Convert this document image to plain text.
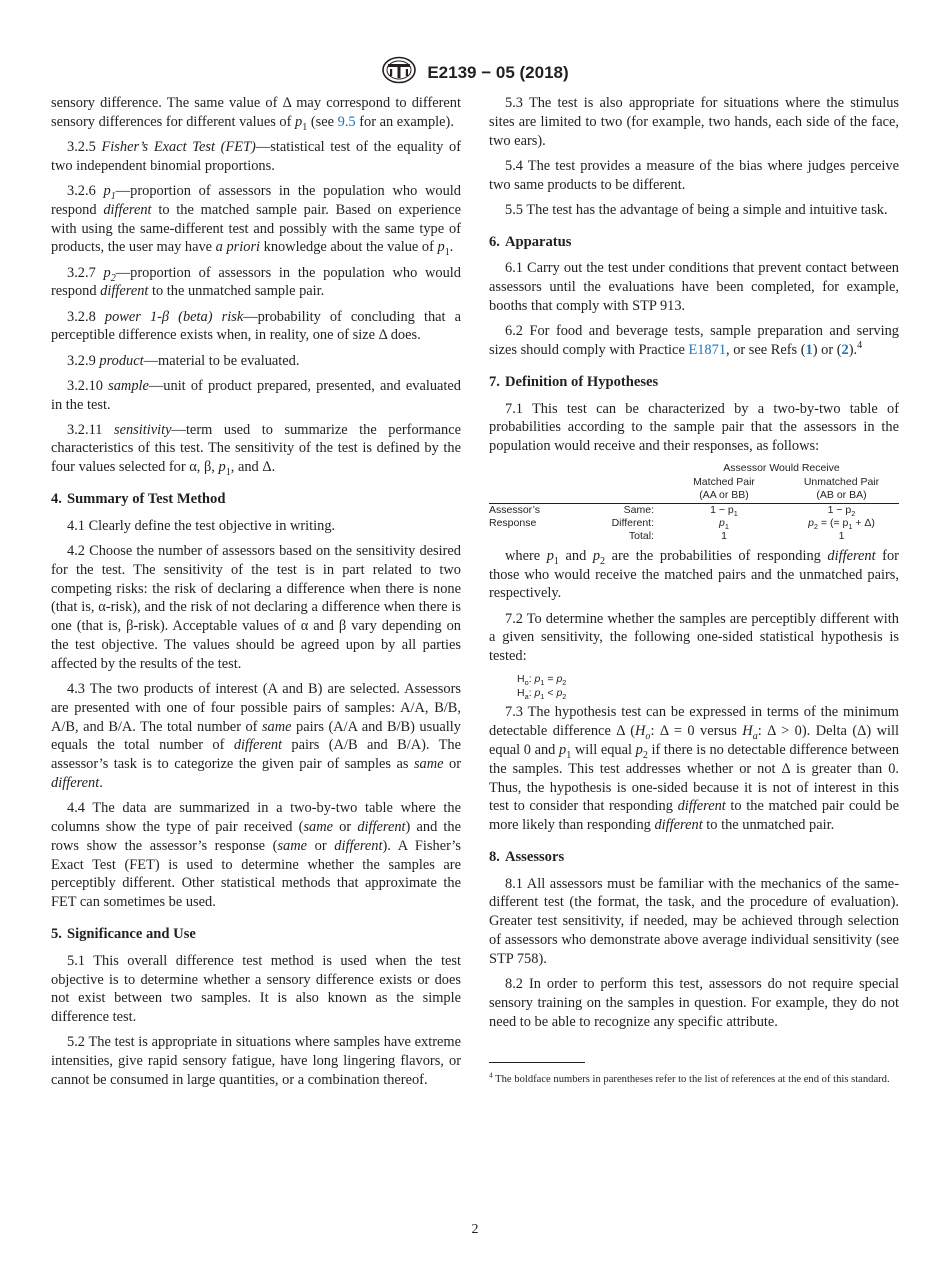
E2139 − 05 (2018)

sensory difference. The same value of Δ may correspond to different sensory differences for different values of $p_1$ (see 9.5 for an example).

3.2.5 Fisher’s Exact Test (FET)—statistical test of the equality of two independent binomial proportions.

3.2.6 $p_1—proportion$ of assessors in the population who would respond different to the matched sample pair. Based on experience with using the same-different test and possibly with the same type of products, the user may have a priori knowledge about the value of $p_1$.

3.2.7 $p_2—proportion$ of assessors in the population who would respond different to the unmatched sample pair.

3.2.8 power 1-β (beta) risk—probability of concluding that a perceptible difference exists when, in reality, one of size Δ does.

3.2.9 product—material to be evaluated.

3.2.10 sample—unit of product prepared, presented, and evaluated in the test.

3.2.11 sensitivity—term used to summarize the performance characteristics of this test. The sensitivity of the test is defined by the four values selected for α, β, $p_1$, and Δ.

4. Summary of Test Method

4.1 Clearly define the test objective in writing.

4.2 Choose the number of assessors based on the sensitivity desired for the test. The sensitivity of the test is in part related to two competing risks: the risk of declaring a difference when there is none (that is, α-risk), and the risk of not declaring a difference when there is one (that is, β-risk). Acceptable values of α and β vary depending on the test objective. The values should be agreed upon by all parties affected by the results of the test.

4.3 The two products of interest (A and B) are selected. Assessors are presented with one of four possible pairs of samples: A/A, B/B, A/B, and B/A. The total number of same pairs (A/A and B/B) usually equals the total number of different pairs (A/B and B/A). The assessor’s task is to categorize the given pair of samples as same or different.

4.4 The data are summarized in a two-by-two table where the columns show the type of pair received (same or different) and the rows show the assessor’s response (same or different). A Fisher’s Exact Test (FET) is used to determine whether the samples are perceptibly different. Other statistical methods that approximate the FET can sometimes be used.

5. Significance and Use

5.1 This overall difference test method is used when the test objective is to determine whether a sensory difference exists or does not exist between two samples. It is also known as the simple difference test.

5.2 The test is appropriate in situations where samples have extreme intensities, give rapid sensory fatigue, have long lingering flavors, or cannot be consumed in large quantities, or a combination thereof.

5.3 The test is also appropriate for situations where the stimulus sites are limited to two (for example, two hands, each side of the face, two ears).

5.4 The test provides a measure of the bias where judges perceive two same products to be different.

5.5 The test has the advantage of being a simple and intuitive task.

6. Apparatus

6.1 Carry out the test under conditions that prevent contact between assessors until the evaluations have been completed, for example, booths that comply with STP 913.

6.2 For food and beverage tests, sample preparation and serving sizes should comply with Practice E1871, or see Refs (1) or (2).$^4$

7. Definition of Hypotheses

7.1 This test can be characterized by a two-by-two table of probabilities according to the sample pair that the assessors in the population would receive and their responses, as follows:

		Assessor Would Receive	
		Matched Pair	Unmatched Pair
		(AA or BB)	(AB or BA)
Assessor’s	Same:	$1 - p_1$	$1 - p_2$
Response	Different:	$p_1$	$p_2$ = (= $p_1 + \Delta$)
	Total:	1	1

where $p_1$ and $p_2$ are the probabilities of responding different for those who would receive the matched pairs and the unmatched pairs, respectively.

7.2 To determine whether the samples are perceptibly different with a given sensitivity, the following one-sided statistical hypothesis is tested:

$H_o$: $p_1 = p_2$
$H_a$: $p_1 < p_2$

7.3 The hypothesis test can be expressed in terms of the minimum detectable difference Δ ($H_o$: Δ = 0 versus $H_a$: Δ > 0). Delta (Δ) will equal 0 and $p_1$ will equal $p_2$ if there is no detectable difference between the samples. This test addresses whether or not Δ is greater than 0. Thus, the hypothesis is one-sided because it is not of interest in this test to consider that responding different to the matched pair could be more likely than responding different to the unmatched pair.

8. Assessors

8.1 All assessors must be familiar with the mechanics of the same-different test (the format, the task, and the procedure of evaluation). Greater test sensitivity, if needed, may be achieved through selection of assessors who demonstrate above average individual sensitivity (see STP 758).

8.2 In order to perform this test, assessors do not require special sensory training on the samples in question. For example, they do not need to be able to recognize any specific attribute.

$^4$ The boldface numbers in parentheses refer to the list of references at the end of this standard.
2
